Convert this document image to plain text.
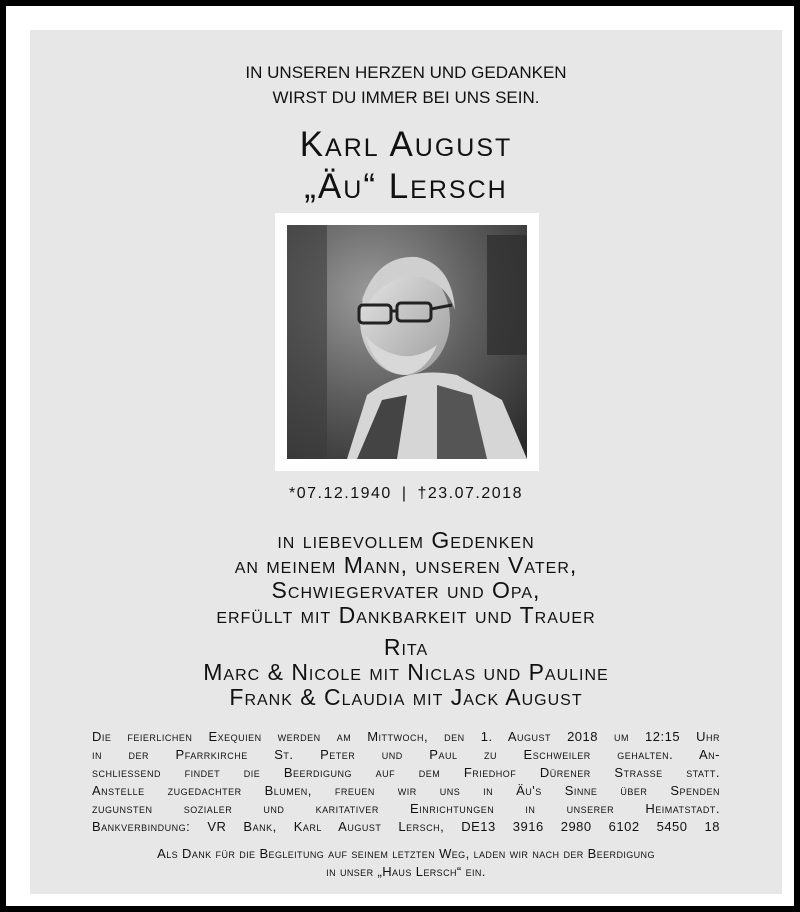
IN UNSEREN HERZEN UND GEDANKEN
WIRST DU IMMER BEI UNS SEIN.
Karl August
„Äu“ Lersch
*07.12.1940 | †23.07.2018
in liebevollem Gedenken
an meinem Mann, unseren Vater,
Schwiegervater und Opa,
erfüllt mit Dankbarkeit und Trauer
Rita
Marc & Nicole mit Niclas und Pauline
Frank & Claudia mit Jack August
Die feierlichen Exequien werden am Mittwoch, den 1. August 2018 um 12:15 Uhr
in der Pfarrkirche St. Peter und Paul zu Eschweiler gehalten. An-
schliessend findet die Beerdigung auf dem Friedhof Dürener Strasse statt.
Anstelle zugedachter Blumen, freuen wir uns in Äu's Sinne über Spenden
zugunsten sozialer und karitativer Einrichtungen in unserer Heimatstadt.
Bankverbindung: VR Bank, Karl August Lersch, DE13 3916 2980 6102 5450 18
Als Dank für die Begleitung auf seinem letzten Weg, laden wir nach der Beerdigung
in unser „Haus Lersch“ ein.
